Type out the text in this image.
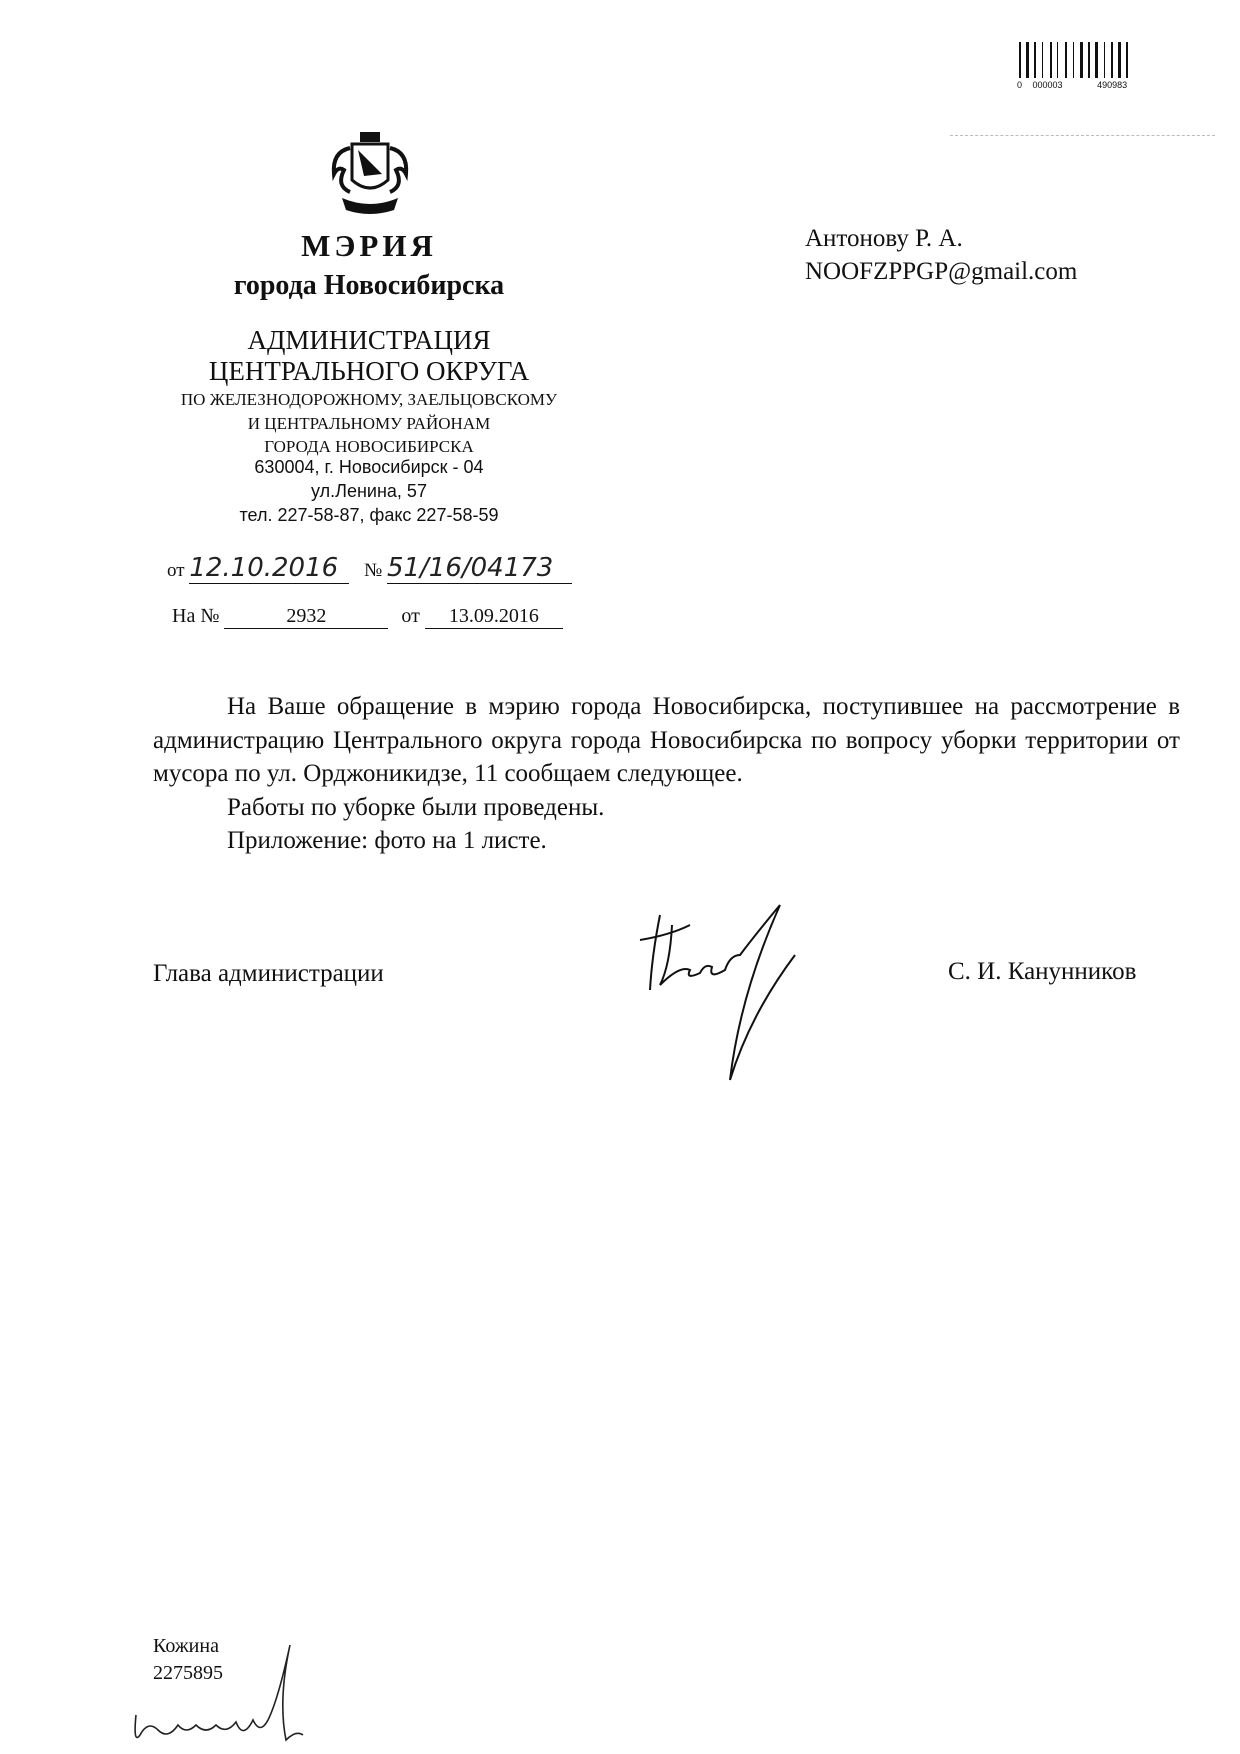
0 000003	490983
МЭРИЯ
города Новосибирска
АДМИНИСТРАЦИЯ
ЦЕНТРАЛЬНОГО ОКРУГА
ПО ЖЕЛЕЗНОДОРОЖНОМУ, ЗАЕЛЬЦОВСКОМУ
И ЦЕНТРАЛЬНОМУ РАЙОНАМ
ГОРОДА НОВОСИБИРСКА
630004, г. Новосибирск - 04
ул.Ленина, 57
тел. 227-58-87, факс 227-58-59
от 12.10.2016 № 51/16/04173
На №	2932	от 13.09.2016
Антонову Р. А.
NOOFZPPGP@gmail.com

На Ваше обращение в мэрию города Новосибирска, поступившее на рассмотрение в администрацию Центрального округа города Новосибирска по вопросу уборки территории от мусора по ул. Орджоникидзе, 11 сообщаем следующее.

Работы по уборке были проведены.

Приложение: фото на 1 листе.

Глава администрации	С. И. Канунников
Кожина
2275895
